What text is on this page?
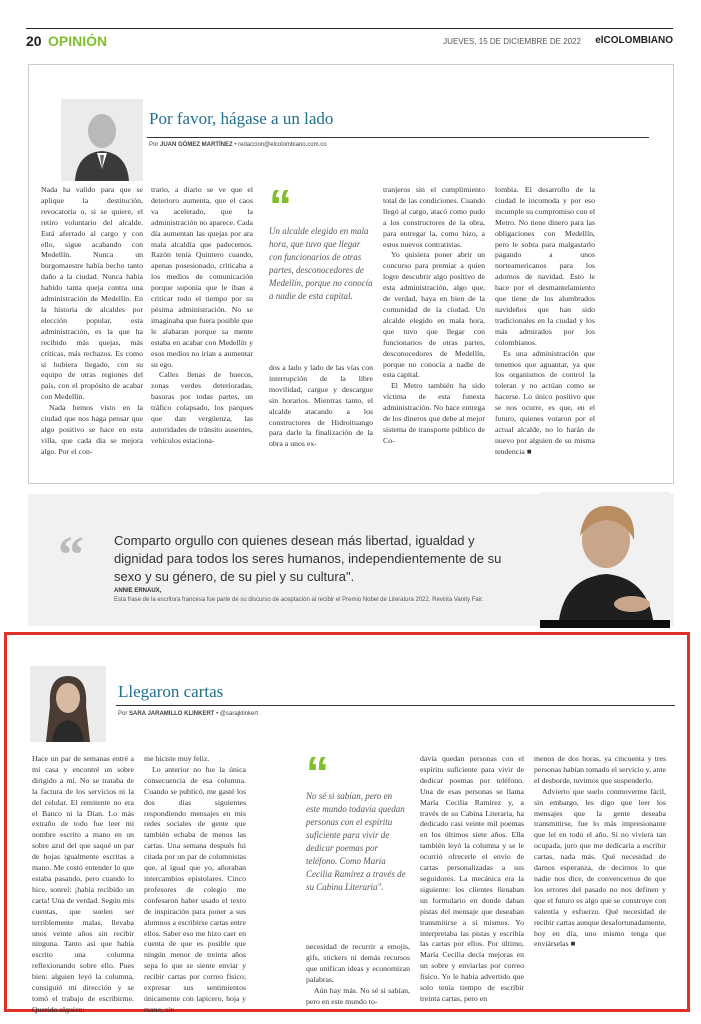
20 OPINIÓN	JUEVES, 15 DE DICIEMBRE DE 2022 elCOLOMBIANO
Por favor, hágase a un lado
Por JUAN GÓMEZ MARTÍNEZ • redaccion@elcolombiano.com.co

Nada ha valido para que se aplique la destitución, revocatoria o, si se quiere, el retiro voluntario del alcalde. Está aferrado al cargo y con ello, sigue acabando con Medellín. Nunca un burgomaestre había hecho tanto daño a la ciudad. Nunca había habido tanta queja contra una administración de Medellín. En la historia de alcaldes por elección popular, esta administración, es la que ha recibido más quejas, más críticas, más rechazos. Es como si hubiera llegado, con su equipo de otras regiones del país, con el propósito de acabar con Medellín.

Nada hemos visto en la ciudad que nos haga pensar que algo positivo se hace en esta villa, que cada día se mejora algo. Por el con-

trario, a diario se ve que el deterioro aumenta, que el caos va acelerado, que la administración no aparece. Cada día aumentan las quejas por ara mala alcaldía que padecemos. Razón tenía Quintero cuando, apenas posesionado, criticaba a los medios de comunicación porque suponía que le iban a criticar todo el tiempo por su pésima administración. No se imaginaba que fuera posible que le alabaran porque sa mente estaba en acabar con Medellín y esos medios no irían a aumentar su ego.

Calles llenas de huecos, zonas verdes deterioradas, basuras por todas partes, un tráfico colapsado, los parques que dan vergüenza, las autoridades de tránsito ausentes, vehículos estaciona-

“
Un alcalde elegido en mala hora, que tuvo que llegar con funcionarios de otras partes, desconocedores de Medellín, porque no conocía a nadie de esta capital.

dos a lado y lado de las vías con interrupción de la libre movilidad, cargue y descargue sin horarios. Mientras tanto, el alcalde atacando a los constructores de Hidroituango para darle la finalización de la obra a unos ex-

tranjeros sin el cumplimiento total de las condiciones. Cuando llegó al cargo, atacó como pudo a los constructores de la obra, para entregar la, como hizo, a estos nuevos contratistas.

Yo quisiera poner abrir un concurso para premiar a quien logre descubrir algo positivo de esta administración, algo que, de verdad, haya en bien de la comunidad de la ciudad. Un alcalde elegido en mala hora, que tuvo que llegar con funcionarios de otras partes, desconocedores de Medellín, porque no conocía a nadie de esta capital.

El Metro también ha sido víctima de esta funesta administración. No hace entrega de los dineros que debe al mejor sistema de transporte público de Co-

lombia. El desarrollo de la ciudad le incomoda y por eso incumple su compromiso con el Metro. No tiene dinero para las obligaciones con Medellín, pero le sobra para malgastarlo pagando a unos norteamericanos para los adornos de navidad. Esto le hace por el desmantelamiento que tiene de los alumbrados navideños que han sido tradicionales en la ciudad y los más admirados por los colombianos.

Es una administración que tenemos que aguantar, ya que los organismos de control la toleran y no actúan como se hacerse. Lo único positivo que se nos ocurre, es que, en el futuro, quienes votaron por el actual alcalde, no lo harán de nuevo por alguien de su misma tendencia ■

“ Comparto orgullo con quienes desean más libertad, igualdad y dignidad para todos los seres humanos, independientemente de su sexo y su género, de su piel y su cultura".
ANNIE ERNAUX,
Esta frase de la escritora francesa fue parte de su discurso de aceptación al recibir el Premio Nobel de Literatura 2022. Revista Vanity Fair.
Llegaron cartas
Por SARA JARAMILLO KLINKERT • @sarajklinkert

Hace un par de semanas entré a mi casa y encontré un sobre dirigido a mí. No se trataba de la factura de los servicios ni la del celular. El remitente no era el Banco ni la Dian. Lo más extraño de todo fue leer mi nombre escrito a mano en un sobre azul del que saqué un par de hojas igualmente escritas a mano. Me costó entender lo que estaba pasando, pero cuando lo hice, sonreí: ¡había recibido un carta! Una de verdad. Según mis cuentas, que suelen ser terriblemente malas, llevaba unos veinte años sin recibir ninguna. Tanto así que había escrito una columna reflexionando sobre ello. Pues bien: alguien leyó la columna, consiguió mi dirección y se tomó el trabajo de escribirme. Querido alguien:

me hiciste muy feliz.

Lo anterior no fue la única consecuencia de esa columna. Cuando se publicó, me gasté los dos días siguientes respondiendo mensajes en mis redes sociales de gente que también echaba de menos las cartas. Una semana después fui citada por un par de columnistas que, al igual que yo, añoraban intercambios epistolares. Cinco profesores de colegio me confesaron haber usado el texto de inspiración para poner a sus alumnos a escribirse cartas entre ellos. Saber eso me hizo caer en cuenta de que es posible que ningún menor de treinta años sepa lo que se siente enviar y recibir cartas por correo físico; expresar sus sentimientos únicamente con lapicero, hoja y mano, sin

“
No sé si sabían, pero en este mundo todavía quedan personas con el espíritu suficiente para vivir de dedicar poemas por teléfono. Como María Cecilia Ramírez a través de su Cabina Literaria".

necesidad de recurrir a emojis, gifs, stickers ni demás recursos que unifican ideas y economizan palabras.

Aún hay más. No sé si sabían, pero en este mundo to-

davía quedan personas con el espíritu suficiente para vivir de dedicar poemas por teléfono. Una de esas personas se llama María Cecilia Ramírez y, a través de su Cabina Literaria, ha dedicado casi veinte mil poemas en los últimos siete años. Ella también leyó la columna y se le ocurrió ofrecerle el envío de cartas personalizadas a sus seguidores. La mecánica era la siguiente: los clientes llenaban un formulario en donde daban pistas del mensaje que deseaban transmitirse a sí mismos. Yo interpretaba las pistas y escribía las cartas por ellos. Por último, María Cecilia decía mejoras en un sobre y enviarlas por correo físico. Yo le había advertido que solo tenía tiempo de escribir treinta cartas, pero en

menos de dos horas, ya cincuenta y tres personas habían tomado el servicio y, ante el desborde, tuvimos que suspenderlo.

Advierto que suelo conmoverme fácil, sin embargo, les digo que leer los mensajes que la gente deseaba transmitirse, fue lo más impresionante que leí en todo el año. Si no viviera tan ocupada, juro que me dedicaría a escribir cartas, nada más. Qué necesidad de darnos esperanza, de decirnos lo que nadie nos dice, de convencernos de que los errores del pasado no nos definen y que el futuro es algo que se construye con valentía y esfuerzo. Qué necesidad de recibir cartas aunque desafortunadamente, hoy en día, uno mismo tenga que enviárselas ■
